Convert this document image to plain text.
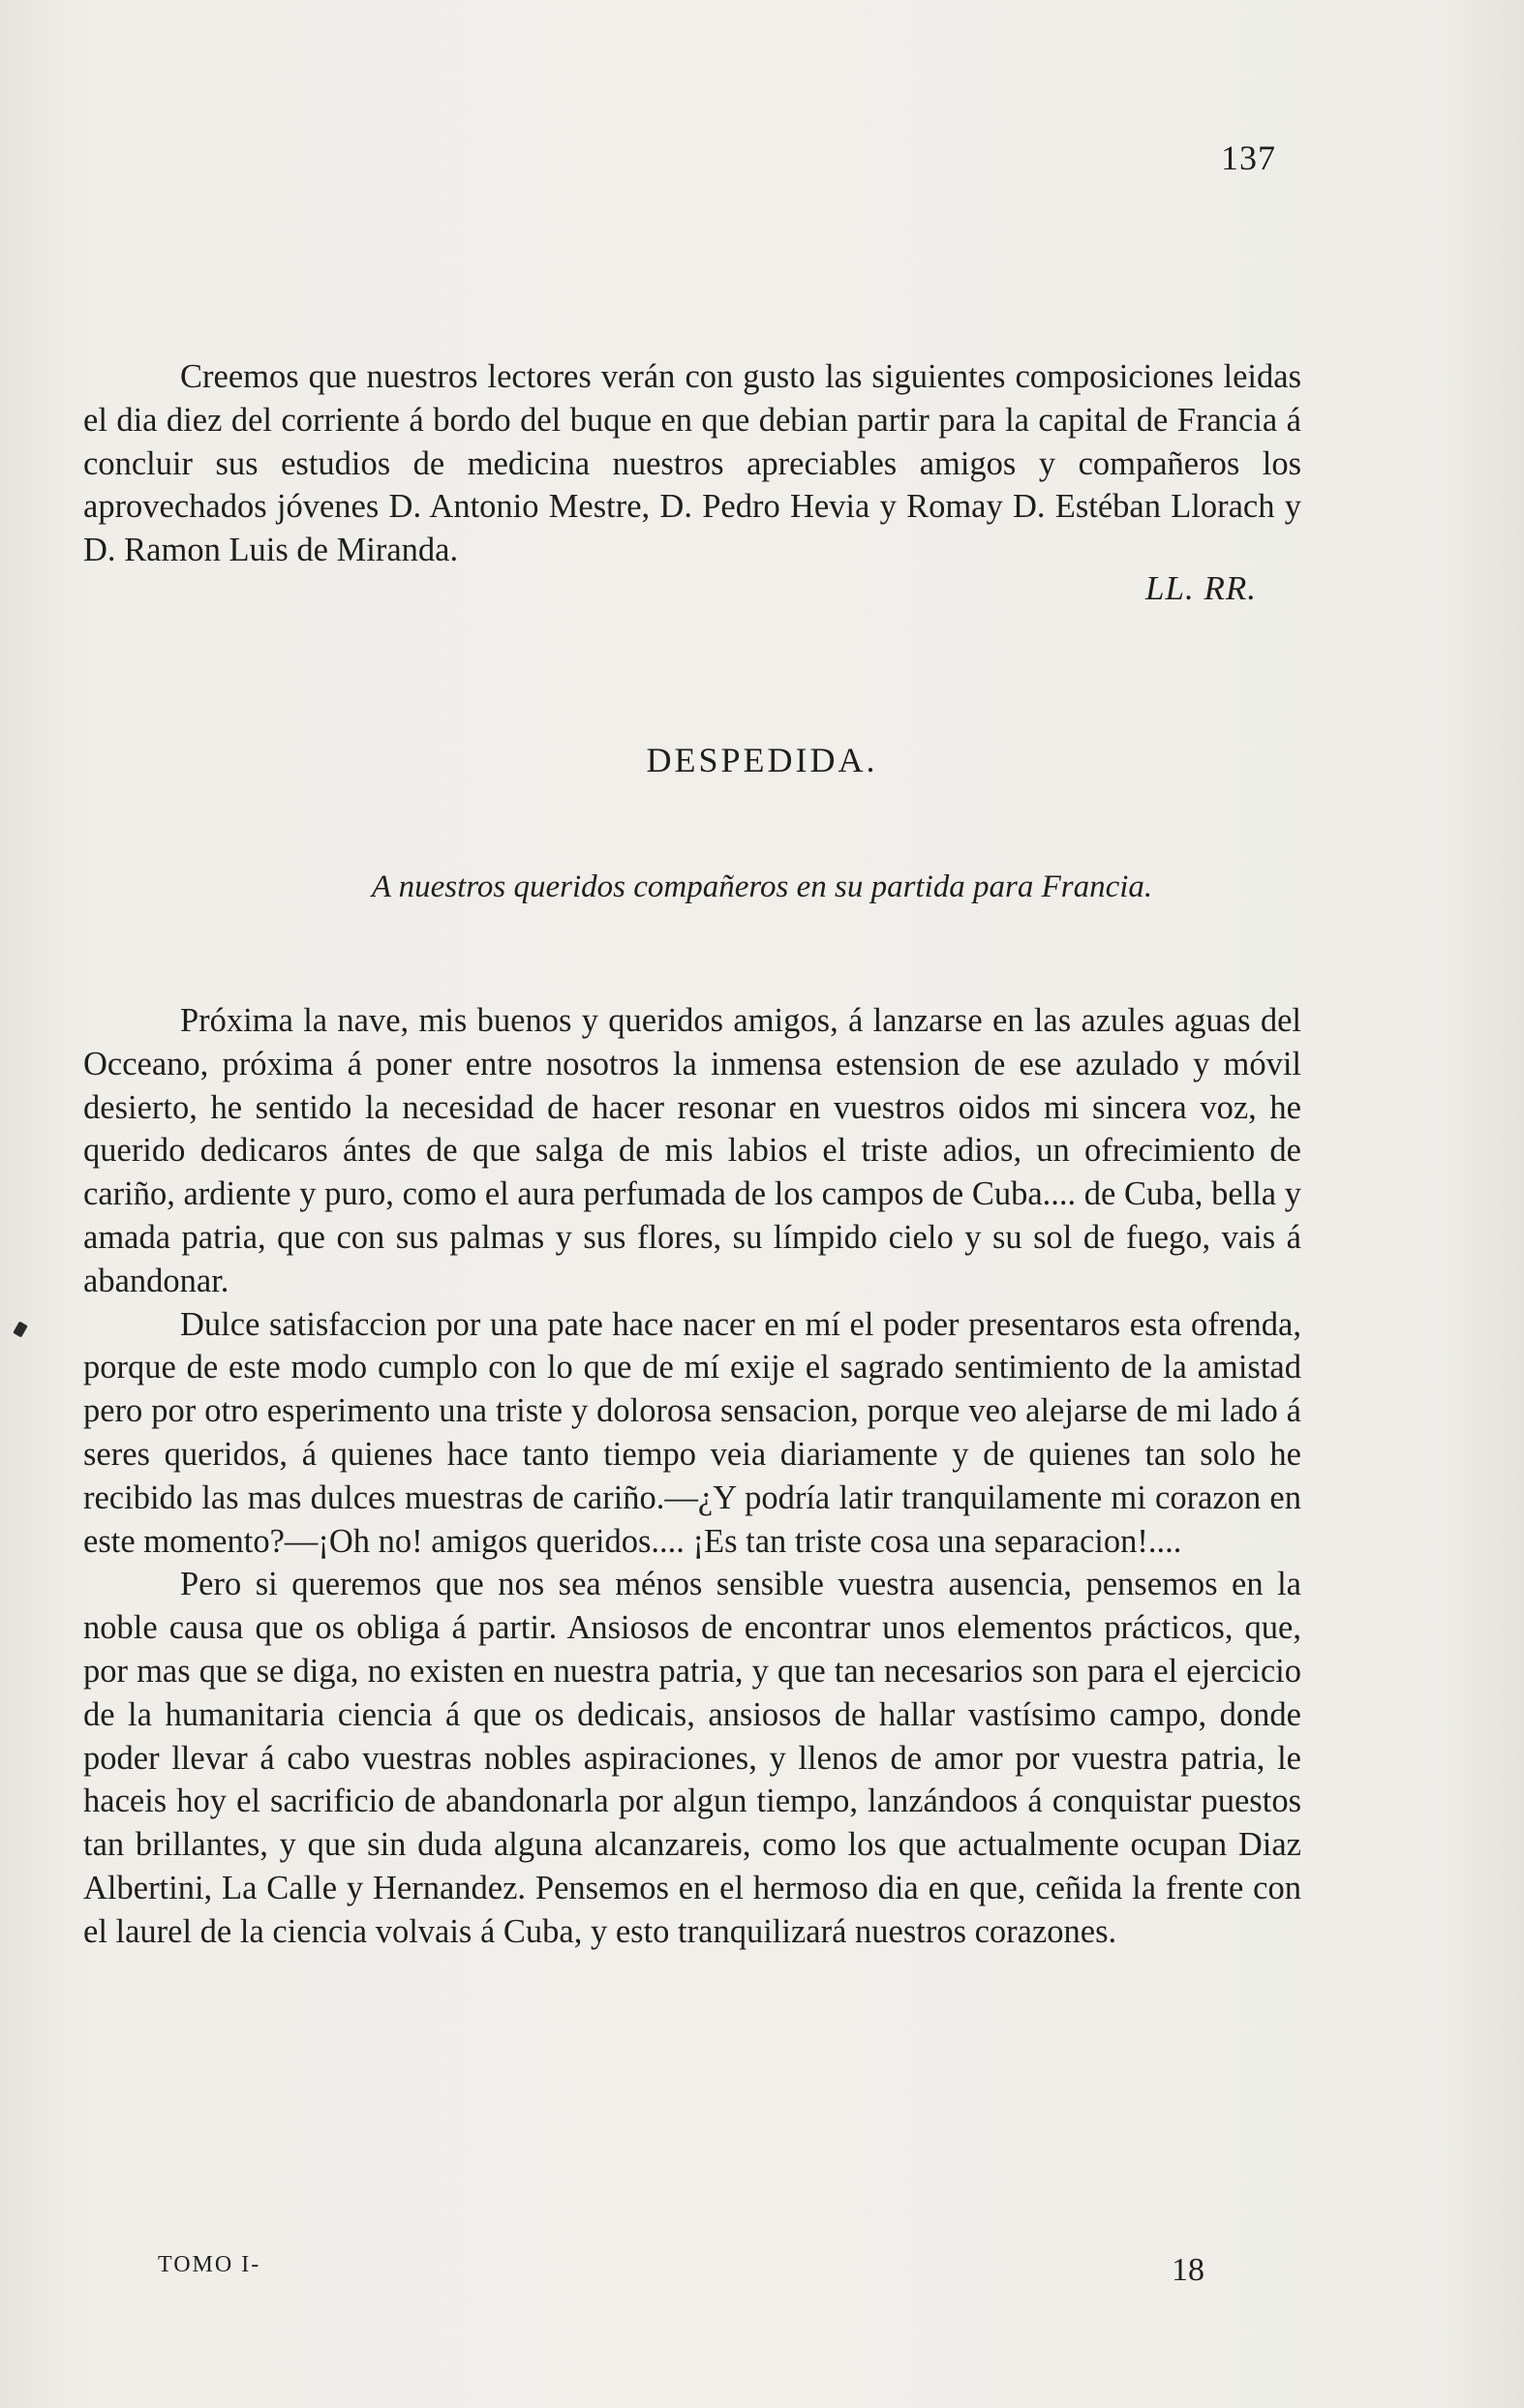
137

Creemos que nuestros lectores verán con gusto las siguientes composiciones leidas el dia diez del corriente á bordo del buque en que debian partir para la capital de Francia á concluir sus estudios de medicina nuestros apreciables amigos y compañeros los aprovechados jóvenes D. Antonio Mestre, D. Pedro Hevia y Romay D. Estéban Llorach y D. Ramon Luis de Miranda.

LL. RR.
DESPEDIDA.
A nuestros queridos compañeros en su partida para Francia.

Próxima la nave, mis buenos y queridos amigos, á lanzarse en las azules aguas del Occeano, próxima á poner entre nosotros la inmensa estension de ese azulado y móvil desierto, he sentido la necesidad de hacer resonar en vuestros oidos mi sincera voz, he querido dedicaros ántes de que salga de mis labios el triste adios, un ofrecimiento de cariño, ardiente y puro, como el aura perfumada de los campos de Cuba.... de Cuba, bella y amada patria, que con sus palmas y sus flores, su límpido cielo y su sol de fuego, vais á abandonar.

Dulce satisfaccion por una pate hace nacer en mí el poder presentaros esta ofrenda, porque de este modo cumplo con lo que de mí exije el sagrado sentimiento de la amistad pero por otro esperimento una triste y dolorosa sensacion, porque veo alejarse de mi lado á seres queridos, á quienes hace tanto tiempo veia diariamente y de quienes tan solo he recibido las mas dulces muestras de cariño.—¿Y podría latir tranquilamente mi corazon en este momento?—¡Oh no! amigos queridos.... ¡Es tan triste cosa una separacion!....

Pero si queremos que nos sea ménos sensible vuestra ausencia, pensemos en la noble causa que os obliga á partir. Ansiosos de encontrar unos elementos prácticos, que, por mas que se diga, no existen en nuestra patria, y que tan necesarios son para el ejercicio de la humanitaria ciencia á que os dedicais, ansiosos de hallar vastísimo campo, donde poder llevar á cabo vuestras nobles aspiraciones, y llenos de amor por vuestra patria, le haceis hoy el sacrificio de abandonarla por algun tiempo, lanzándoos á conquistar puestos tan brillantes, y que sin duda alguna alcanzareis, como los que actualmente ocupan Diaz Albertini, La Calle y Hernandez. Pensemos en el hermoso dia en que, ceñida la frente con el laurel de la ciencia volvais á Cuba, y esto tranquilizará nuestros corazones.

TOMO I-	18
